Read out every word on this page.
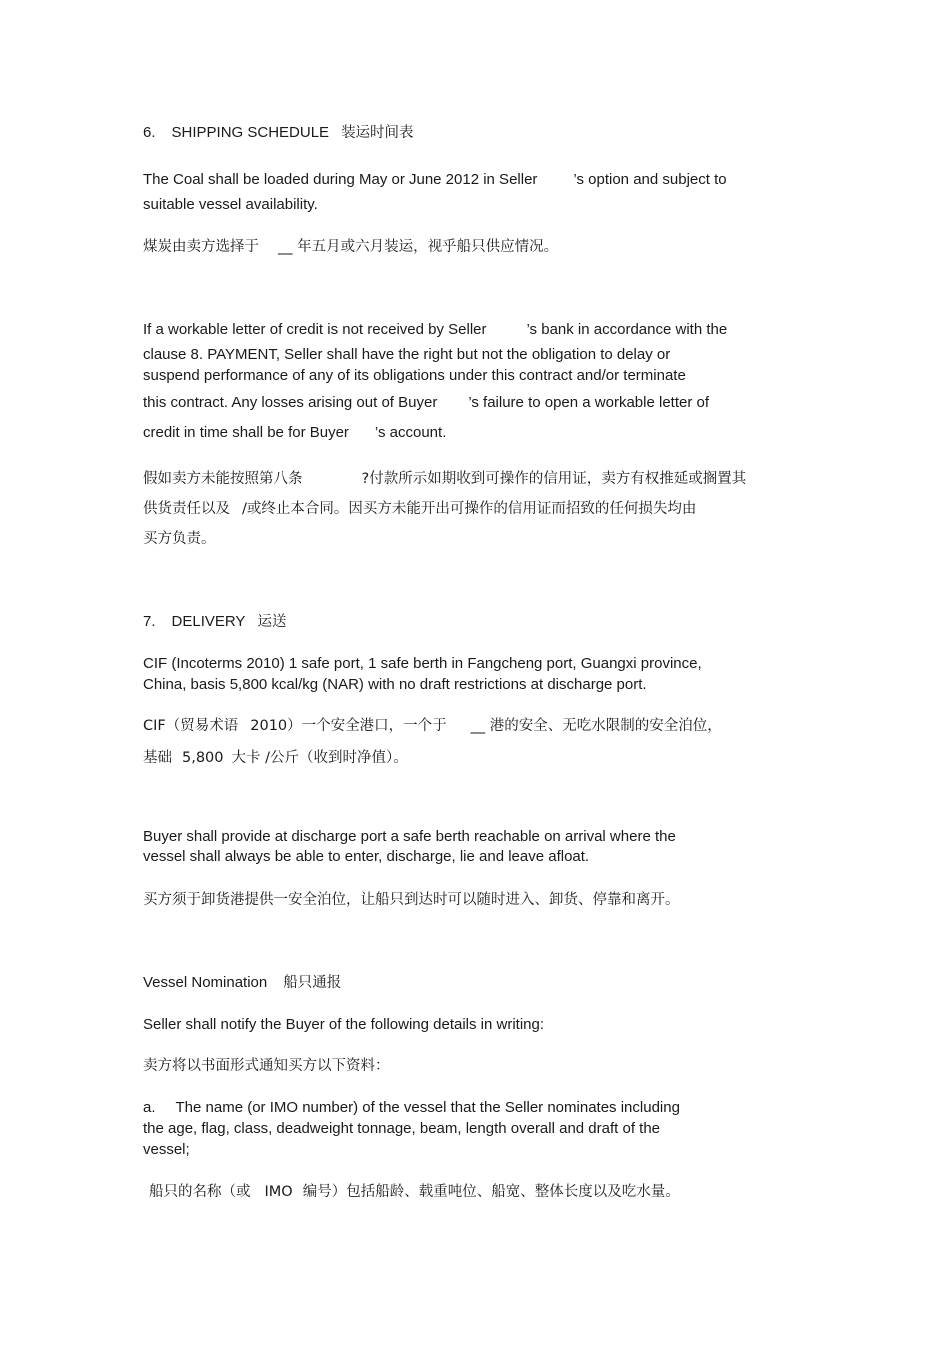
6. SHIPPING SCHEDULE 装运时间表
The Coal shall be loaded during May or June 2012 in Seller ’s option and subject to
suitable vessel availability.
煤炭由卖方选择于 __ 年五月或六月装运，视乎船只供应情况。
If a workable letter of credit is not received by Seller	’s bank in accordance with the
clause 8. PAYMENT, Seller shall have the right but not the obligation to delay or
suspend performance of any of its obligations under this contract and/or terminate
this contract. Any losses arising out of Buyer ’s failure to open a workable letter of
credit in time shall be for Buyer ’s account.
假如卖方未能按照第八条	?付款所示如期收到可操作的信用证，卖方有权推延或搁置其
供货责任以及 /或终止本合同。因买方未能开出可操作的信用证而招致的任何损失均由
买方负责。
7. DELIVERY 运送
CIF (Incoterms 2010) 1 safe port, 1 safe berth in Fangcheng port, Guangxi province,
China, basis 5,800 kcal/kg (NAR) with no draft restrictions at discharge port.
CIF（贸易术语 2010）一个安全港口，一个于 __ 港的安全、无吃水限制的安全泊位，
基础 5,800 大卡 /公斤（收到时净值）。
Buyer shall provide at discharge port a safe berth reachable on arrival where the
vessel shall always be able to enter, discharge, lie and leave afloat.
买方须于卸货港提供一安全泊位，让船只到达时可以随时进入、卸货、停靠和离开。
Vessel Nomination 船只通报
Seller shall notify the Buyer of the following details in writing:
卖方将以书面形式通知买方以下资料：
a. The name (or IMO number) of the vessel that the Seller nominates including
the age, flag, class, deadweight tonnage, beam, length overall and draft of the
vessel;
船只的名称（或 IMO 编号）包括船龄、载重吨位、船宽、整体长度以及吃水量。
